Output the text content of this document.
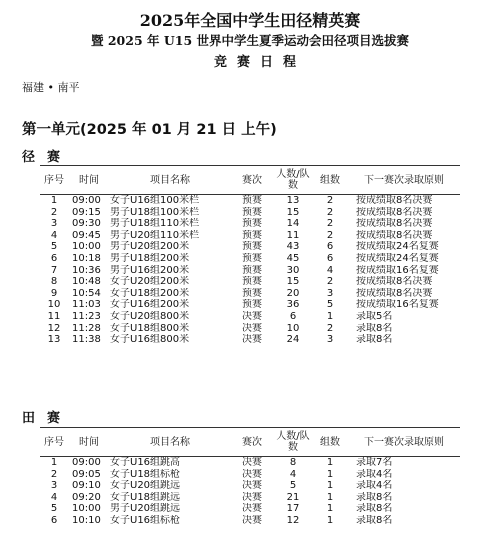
2025年全国中学生田径精英赛
暨 2025 年 U15 世界中学生夏季运动会田径项目选拔赛
竞赛日程
福建 • 南平
第一单元(2025 年 01 月 21 日 上午)
径赛
序号	时间	项目名称	赛次	人数/队数	组数	下一赛次录取原则
1	09:00	女子U16组100米栏	预赛	13	2	按成绩取8名决赛
2	09:15	男子U18组100米栏	预赛	15	2	按成绩取8名决赛
3	09:30	男子U18组110米栏	预赛	14	2	按成绩取8名决赛
4	09:45	男子U20组110米栏	预赛	11	2	按成绩取8名决赛
5	10:00	男子U20组200米	预赛	43	6	按成绩取24名复赛
6	10:18	男子U18组200米	预赛	45	6	按成绩取24名复赛
7	10:36	男子U16组200米	预赛	30	4	按成绩取16名复赛
8	10:48	女子U20组200米	预赛	15	2	按成绩取8名决赛
9	10:54	女子U18组200米	预赛	20	3	按成绩取8名决赛
10	11:03	女子U16组200米	预赛	36	5	按成绩取16名复赛
11	11:23	女子U20组800米	决赛	6	1	录取5名
12	11:28	女子U18组800米	决赛	10	2	录取8名
13	11:38	女子U16组800米	决赛	24	3	录取8名
田赛
序号	时间	项目名称	赛次	人数/队数	组数	下一赛次录取原则
1	09:00	女子U16组跳高	决赛	8	1	录取7名
2	09:05	女子U18组标枪	决赛	4	1	录取4名
3	09:10	女子U20组跳远	决赛	5	1	录取4名
4	09:20	女子U18组跳远	决赛	21	1	录取8名
5	10:00	男子U20组跳远	决赛	17	1	录取8名
6	10:10	女子U16组标枪	决赛	12	1	录取8名
